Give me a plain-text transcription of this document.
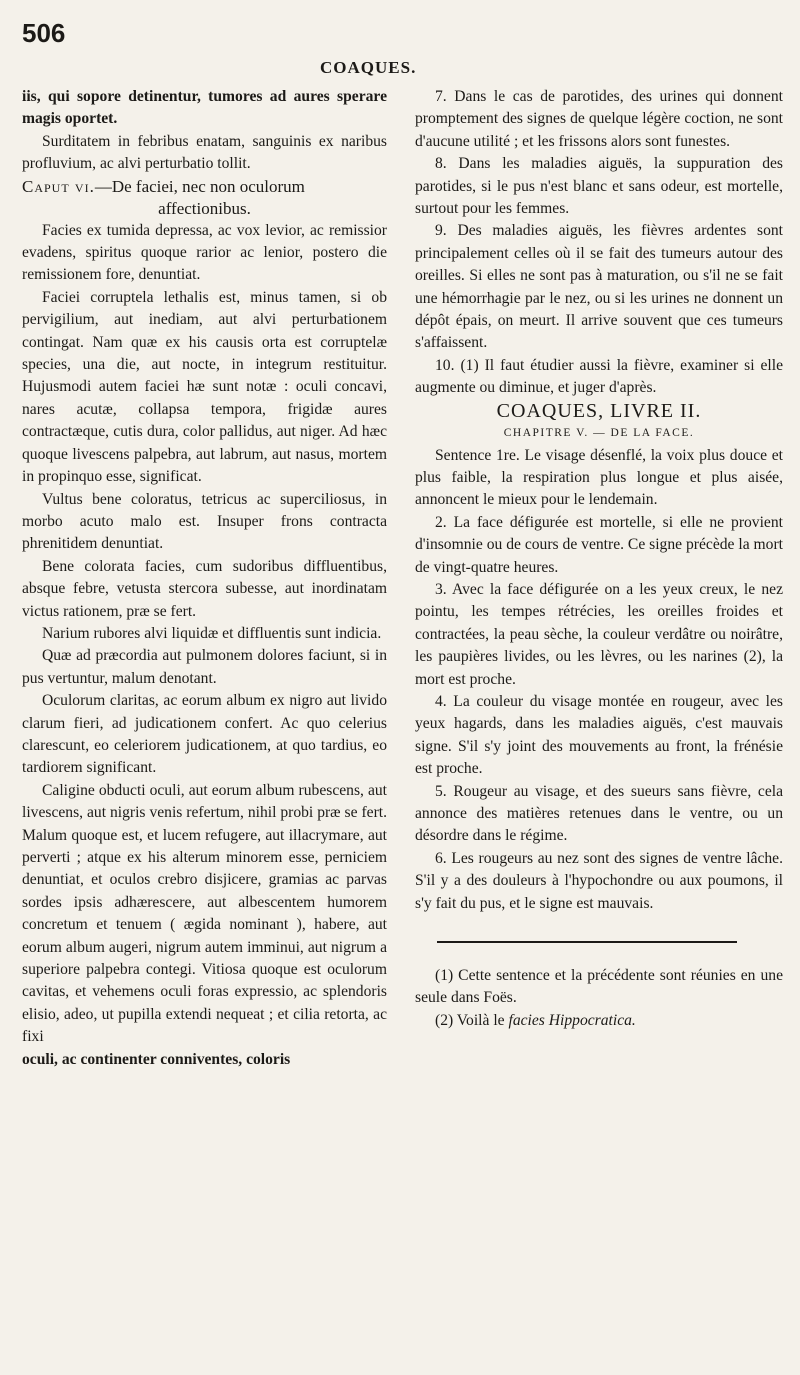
506
COAQUES.

iis, qui sopore detinentur, tumores ad aures sperare magis oportet.

Surditatem in febribus enatam, sanguinis ex naribus profluvium, ac alvi perturbatio tollit.

Caput vi.—De faciei, nec non oculorum
affectionibus.

Facies ex tumida depressa, ac vox levior, ac remissior evadens, spiritus quoque rarior ac lenior, postero die remissionem fore, denuntiat.

Faciei corruptela lethalis est, minus tamen, si ob pervigilium, aut inediam, aut alvi perturbationem contingat. Nam quæ ex his causis orta est corruptelæ species, una die, aut nocte, in integrum restituitur. Hujusmodi autem faciei hæ sunt notæ : oculi concavi, nares acutæ, collapsa tempora, frigidæ aures contractæque, cutis dura, color pallidus, aut niger. Ad hæc quoque livescens palpebra, aut labrum, aut nasus, mortem in propinquo esse, significat.

Vultus bene coloratus, tetricus ac superciliosus, in morbo acuto malo est. Insuper frons contracta phrenitidem denuntiat.

Bene colorata facies, cum sudoribus diffluentibus, absque febre, vetusta stercora subesse, aut inordinatam victus rationem, præ se fert.

Narium rubores alvi liquidæ et diffluentis sunt indicia.

Quæ ad præcordia aut pulmonem dolores faciunt, si in pus vertuntur, malum denotant.

Oculorum claritas, ac eorum album ex nigro aut livido clarum fieri, ad judicationem confert. Ac quo celerius clarescunt, eo celeriorem judicationem, at quo tardius, eo tardiorem significant.

Caligine obducti oculi, aut eorum album rubescens, aut livescens, aut nigris venis refertum, nihil probi præ se fert. Malum quoque est, et lucem refugere, aut illacrymare, aut perverti ; atque ex his alterum minorem esse, perniciem denuntiat, et oculos crebro disjicere, gramias ac parvas sordes ipsis adhærescere, aut albescentem humorem concretum et tenuem ( ægida nominant ), habere, aut eorum album augeri, nigrum autem imminui, aut nigrum a superiore palpebra contegi. Vitiosa quoque est oculorum cavitas, et vehemens oculi foras expressio, ac splendoris elisio, adeo, ut pupilla extendi nequeat ; et cilia retorta, ac fixi

oculi, ac continenter conniventes, coloris

7. Dans le cas de parotides, des urines qui donnent promptement des signes de quelque légère coction, ne sont d'aucune utilité ; et les frissons alors sont funestes.

8. Dans les maladies aiguës, la suppuration des parotides, si le pus n'est blanc et sans odeur, est mortelle, surtout pour les femmes.

9. Des maladies aiguës, les fièvres ardentes sont principalement celles où il se fait des tumeurs autour des oreilles. Si elles ne sont pas à maturation, ou s'il ne se fait une hémorrhagie par le nez, ou si les urines ne donnent un dépôt épais, on meurt. Il arrive souvent que ces tumeurs s'affaissent.

10. (1) Il faut étudier aussi la fièvre, examiner si elle augmente ou diminue, et juger d'après.

COAQUES, LIVRE II.

CHAPITRE V. — DE LA FACE.

Sentence 1re. Le visage désenflé, la voix plus douce et plus faible, la respiration plus longue et plus aisée, annoncent le mieux pour le lendemain.

2. La face défigurée est mortelle, si elle ne provient d'insomnie ou de cours de ventre. Ce signe précède la mort de vingt-quatre heures.

3. Avec la face défigurée on a les yeux creux, le nez pointu, les tempes rétrécies, les oreilles froides et contractées, la peau sèche, la couleur verdâtre ou noirâtre, les paupières livides, ou les lèvres, ou les narines (2), la mort est proche.

4. La couleur du visage montée en rougeur, avec les yeux hagards, dans les maladies aiguës, c'est mauvais signe. S'il s'y joint des mouvements au front, la frénésie est proche.

5. Rougeur au visage, et des sueurs sans fièvre, cela annonce des matières retenues dans le ventre, ou un désordre dans le régime.

6. Les rougeurs au nez sont des signes de ventre lâche. S'il y a des douleurs à l'hypochondre ou aux poumons, il s'y fait du pus, et le signe est mauvais.

(1) Cette sentence et la précédente sont réunies en une seule dans Foës.

(2) Voilà le facies Hippocratica.
